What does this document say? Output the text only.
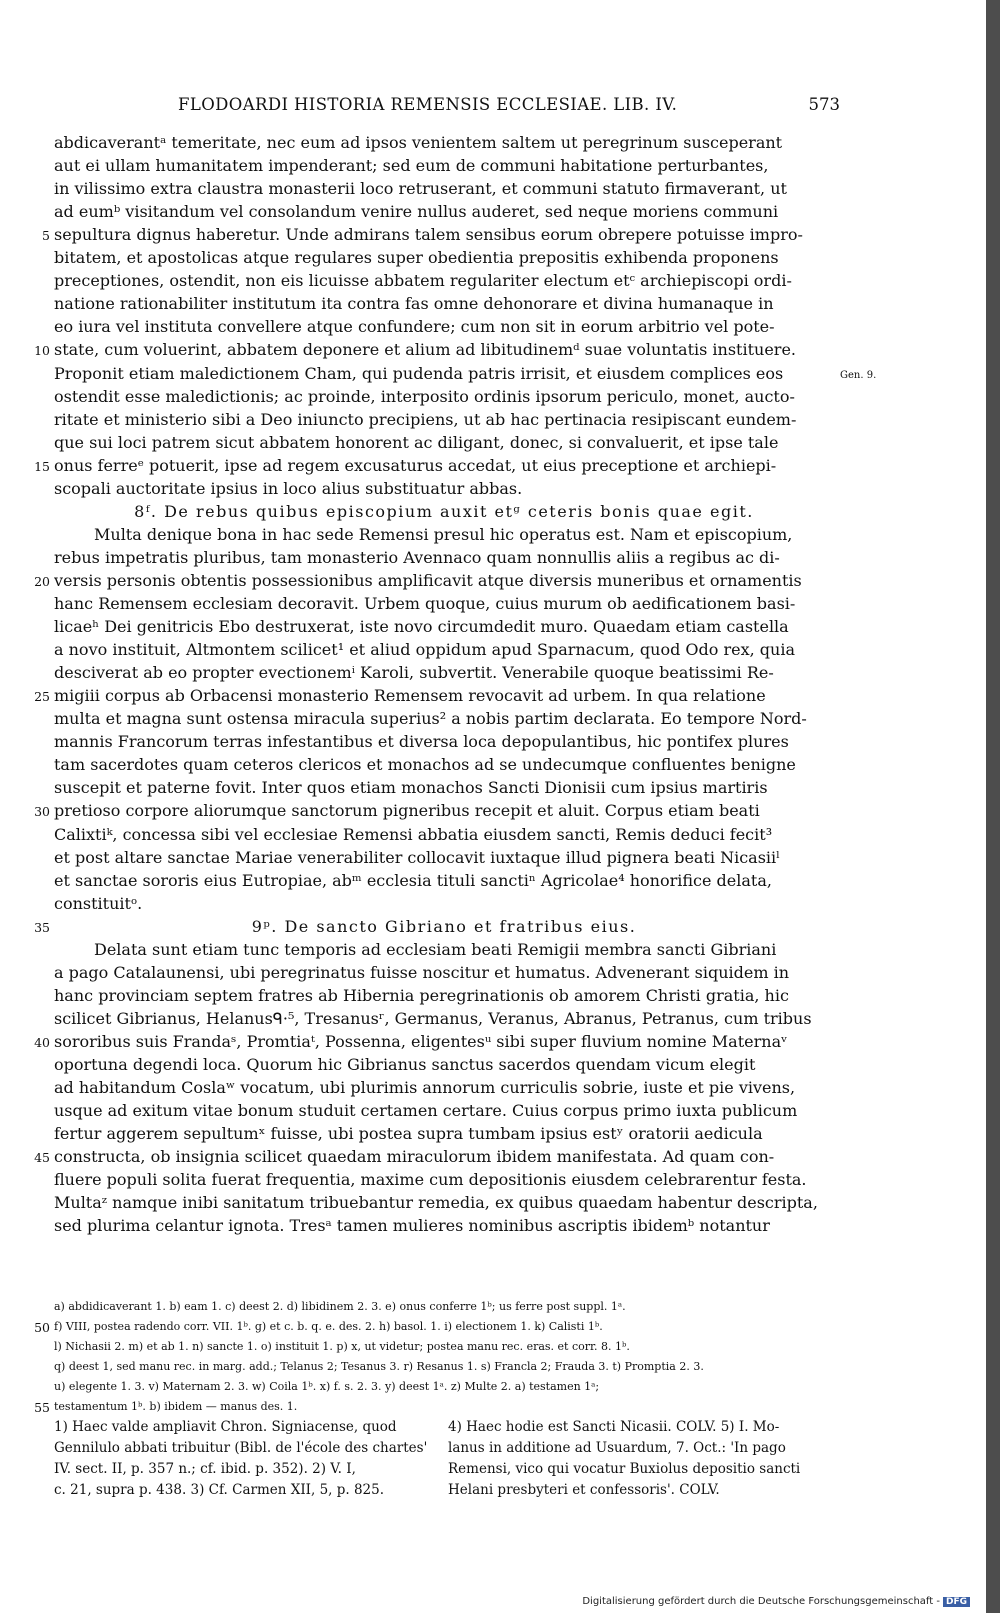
FLODOARDI HISTORIA REMENSIS ECCLESIAE. LIB. IV.	573
abdicaverantᵃ temeritate, nec eum ad ipsos venientem saltem ut peregrinum susceperant
aut ei ullam humanitatem impenderant; sed eum de communi habitatione perturbantes,
in vilissimo extra claustra monasterii loco retruserant, et communi statuto firmaverant, ut
ad eumᵇ visitandum vel consolandum venire nullus auderet, sed neque moriens communi
sepultura dignus haberetur. Unde admirans talem sensibus eorum obrepere potuisse impro-
bitatem, et apostolicas atque regulares super obedientia prepositis exhibenda proponens
preceptiones, ostendit, non eis licuisse abbatem regulariter electum etᶜ archiepiscopi ordi-
natione rationabiliter institutum ita contra fas omne dehonorare et divina humanaque in
eo iura vel instituta convellere atque confundere; cum non sit in eorum arbitrio vel pote-
state, cum voluerint, abbatem deponere et alium ad libitudinemᵈ suae voluntatis instituere.
Proponit etiam maledictionem Cham, qui pudenda patris irrisit, et eiusdem complices eos
ostendit esse maledictionis; ac proinde, interposito ordinis ipsorum periculo, monet, aucto-
ritate et ministerio sibi a Deo iniuncto precipiens, ut ab hac pertinacia resipiscant eundem-
que sui loci patrem sicut abbatem honorent ac diligant, donec, si convaluerit, et ipse tale
onus ferreᵉ potuerit, ipse ad regem excusaturus accedat, ut eius preceptione et archiepi-
scopali auctoritate ipsius in loco alius substituatur abbas.
8ᶠ. De rebus quibus episcopium auxit etᵍ ceteris bonis quae egit.
Multa denique bona in hac sede Remensi presul hic operatus est. Nam et episcopium,
rebus impetratis pluribus, tam monasterio Avennaco quam nonnullis aliis a regibus ac di-
versis personis obtentis possessionibus amplificavit atque diversis muneribus et ornamentis
hanc Remensem ecclesiam decoravit. Urbem quoque, cuius murum ob aedificationem basi-
licaeʰ Dei genitricis Ebo destruxerat, iste novo circumdedit muro. Quaedam etiam castella
a novo instituit, Altmontem scilicet¹ et aliud oppidum apud Sparnacum, quod Odo rex, quia
desciverat ab eo propter evectionemⁱ Karoli, subvertit. Venerabile quoque beatissimi Re-
migiii corpus ab Orbacensi monasterio Remensem revocavit ad urbem. In qua relatione
multa et magna sunt ostensa miracula superius² a nobis partim declarata. Eo tempore Nord-
mannis Francorum terras infestantibus et diversa loca depopulantibus, hic pontifex plures
tam sacerdotes quam ceteros clericos et monachos ad se undecumque confluentes benigne
suscepit et paterne fovit. Inter quos etiam monachos Sancti Dionisii cum ipsius martiris
pretioso corpore aliorumque sanctorum pigneribus recepit et aluit. Corpus etiam beati
Calixtiᵏ, concessa sibi vel ecclesiae Remensi abbatia eiusdem sancti, Remis deduci fecit³
et post altare sanctae Mariae venerabiliter collocavit iuxtaque illud pignera beati Nicasiiˡ
et sanctae sororis eius Eutropiae, abᵐ ecclesia tituli sanctiⁿ Agricolae⁴ honorifice delata,
constituitᵒ.
9ᵖ. De sancto Gibriano et fratribus eius.
Delata sunt etiam tunc temporis ad ecclesiam beati Remigii membra sancti Gibriani
a pago Catalaunensi, ubi peregrinatus fuisse noscitur et humatus. Advenerant siquidem in
hanc provinciam septem fratres ab Hibernia peregrinationis ob amorem Christi gratia, hic
scilicet Gibrianus, Helanusᑫ·⁵, Tresanusʳ, Germanus, Veranus, Abranus, Petranus, cum tribus
sororibus suis Frandaˢ, Promtiaᵗ, Possenna, eligentesᵘ sibi super fluvium nomine Maternaᵛ
oportuna degendi loca. Quorum hic Gibrianus sanctus sacerdos quendam vicum elegit
ad habitandum Coslaʷ vocatum, ubi plurimis annorum curriculis sobrie, iuste et pie vivens,
usque ad exitum vitae bonum studuit certamen certare. Cuius corpus primo iuxta publicum
fertur aggerem sepultumˣ fuisse, ubi postea supra tumbam ipsius estʸ oratorii aedicula
constructa, ob insignia scilicet quaedam miraculorum ibidem manifestata. Ad quam con-
fluere populi solita fuerat frequentia, maxime cum depositionis eiusdem celebrarentur festa.
Multaᶻ namque inibi sanitatum tribuebantur remedia, ex quibus quaedam habentur descripta,
sed plurima celantur ignota. Tresᵃ tamen mulieres nominibus ascriptis ibidemᵇ notantur
5
10
15
20
25
30
35
40
45
50
55
Gen. 9.
a) abdidicaverant 1. b) eam 1. c) deest 2. d) libidinem 2. 3. e) onus conferre 1ᵇ; us ferre post suppl. 1ᵃ.
f) VIII, postea radendo corr. VII. 1ᵇ. g) et c. b. q. e. des. 2. h) basol. 1. i) electionem 1. k) Calisti 1ᵇ.
l) Nichasii 2. m) et ab 1. n) sancte 1. o) instituit 1. p) x, ut videtur; postea manu rec. eras. et corr. 8. 1ᵇ.
q) deest 1, sed manu rec. in marg. add.; Telanus 2; Tesanus 3. r) Resanus 1. s) Francla 2; Frauda 3. t) Promptia 2. 3.
u) elegente 1. 3. v) Maternam 2. 3. w) Coila 1ᵇ. x) f. s. 2. 3. y) deest 1ᵃ. z) Multe 2. a) testamen 1ᵃ;
testamentum 1ᵇ. b) ibidem — manus des. 1.
1) Haec valde ampliavit Chron. Signiacense, quod
Gennilulo abbati tribuitur (Bibl. de l'école des chartes'
IV. sect. II, p. 357 n.; cf. ibid. p. 352). 2) V. I,
c. 21, supra p. 438. 3) Cf. Carmen XII, 5, p. 825.
4) Haec hodie est Sancti Nicasii. COLV. 5) I. Mo-
lanus in additione ad Usuardum, 7. Oct.: 'In pago
Remensi, vico qui vocatur Buxiolus depositio sancti
Helani presbyteri et confessoris'. COLV.
Digitalisierung gefördert durch die Deutsche Forschungsgemeinschaft - DFG
